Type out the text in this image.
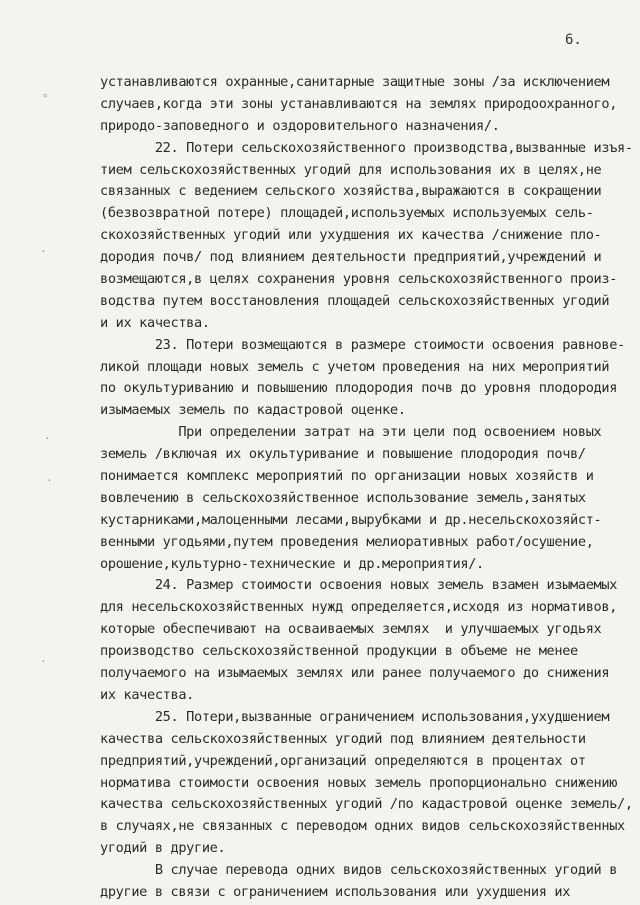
6.
°
·
·
·
·
устанавливаются охранные,санитарные защитные зоны /за исключением
случаев,когда эти зоны устанавливаются на землях природоохранного,
природо-заповедного и оздоровительного назначения/.
22. Потери сельскохозяйственного производства,вызванные изъя-
тием сельскохозяйственных угодий для использования их в целях,не
связанных с ведением сельского хозяйства,выражаются в сокращении
(безвозвратной потере) площадей,используемых используемых сель-
скохозяйственных угодий или ухудшения их качества /снижение пло-
дородия почв/ под влиянием деятельности предприятий,учреждений и
возмещаются,в целях сохранения уровня сельскохозяйственного произ-
водства путем восстановления площадей сельскохозяйственных угодий
и их качества.
23. Потери возмещаются в размере стоимости освоения равнове-
ликой площади новых земель с учетом проведения на них мероприятий
по окультуриванию и повышению плодородия почв до уровня плодородия
изымаемых земель по кадастровой оценке.
При определении затрат на эти цели под освоением новых
земель /включая их окультуривание и повышение плодородия почв/
понимается комплекс мероприятий по организации новых хозяйств и
вовлечению в сельскохозяйственное использование земель,занятых
кустарниками,малоценными лесами,вырубками и др.несельскохозяйст-
венными угодьями,путем проведения мелиоративных работ/осушение,
орошение,культурно-технические и др.мероприятия/.
24. Размер стоимости освоения новых земель взамен изымаемых
для несельскохозяйственных нужд определяется,исходя из нормативов,
которые обеспечивают на осваиваемых землях  и улучшаемых угодьях
производство сельскохозяйственной продукции в объеме не менее
получаемого на изымаемых землях или ранее получаемого до снижения
их качества.
25. Потери,вызванные ограничением использования,ухудшением
качества сельскохозяйственных угодий под влиянием деятельности
предприятий,учреждений,организаций определяются в процентах от
норматива стоимости освоения новых земель пропорционально снижению
качества сельскохозяйственных угодий /по кадастровой оценке земель/,
в случаях,не связанных с переводом одних видов сельскохозяйственных
угодий в другие.
В случае перевода одних видов сельскохозяйственных угодий в
другие в связи с ограничением использования или ухудшения их
